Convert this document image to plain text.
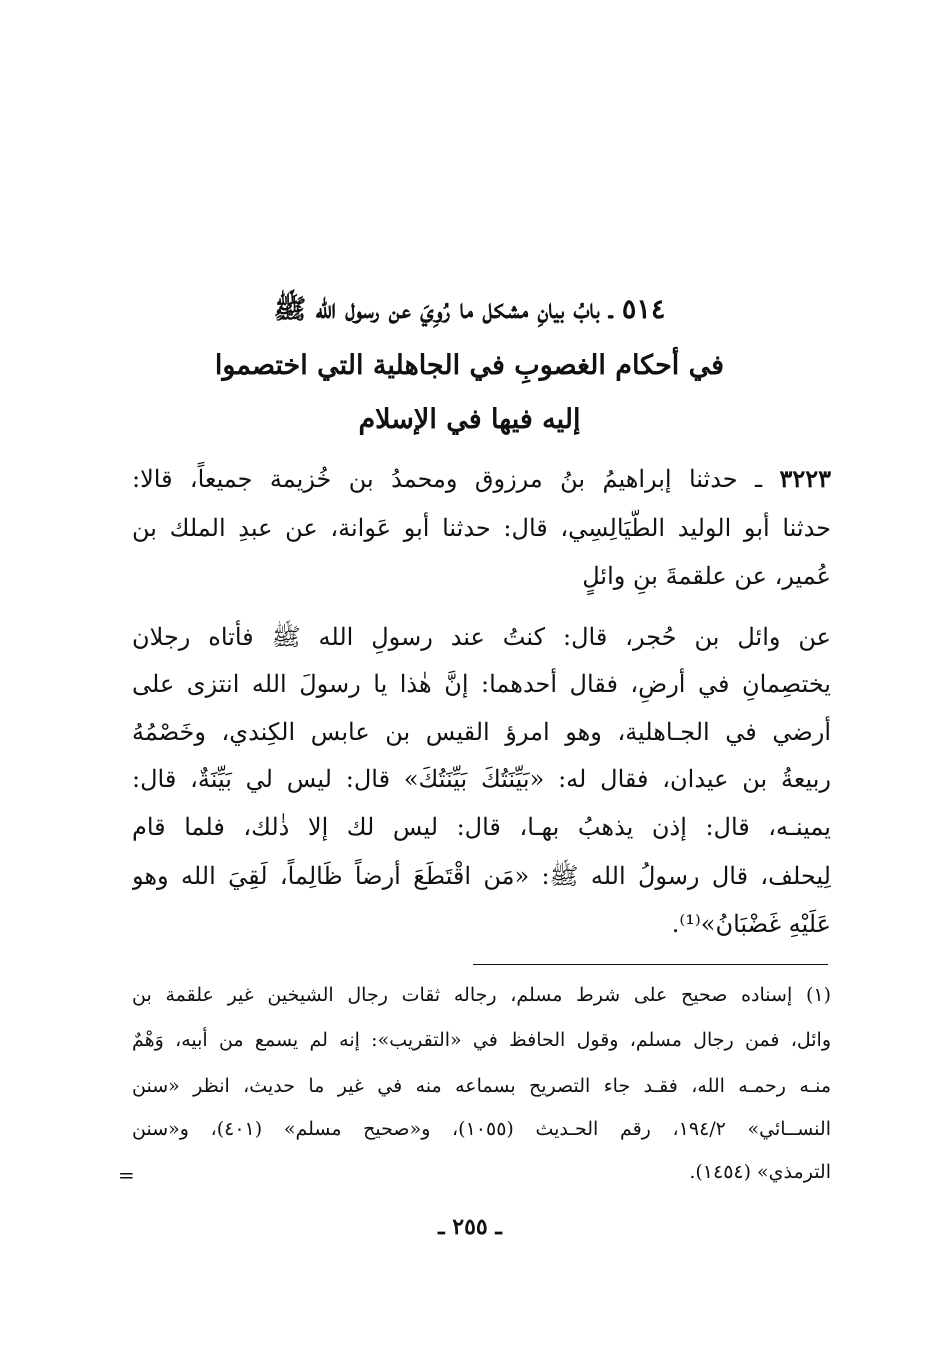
٥١٤ ـ بابُ بيانِ مشكل ما رُوِيَ عن رسول الله ﷺ
في أحكام الغصوبِ في الجاهلية التي اختصموا
إليه فيها في الإسلام
٣٢٢٣ ـ حدثنا إبراهيمُ بنُ مرزوق ومحمدُ بن خُزيمة جميعاً، قالا:
حدثنا أبو الوليد الطَّيَالِسِي، قال: حدثنا أبو عَوانة، عن عبدِ الملك بن
عُمير، عن علقمةَ بنِ وائلٍ
عن وائل بن حُجر، قال: كنتُ عند رسولِ الله ﷺ فأتاه رجلان
يختصِمانِ في أرضٍ، فقال أحدهما: إنَّ هٰذا يا رسولَ الله انتزى على
أرضي في الجـاهلية، وهو امرؤ القيس بن عابس الكِندي، وخَصْمُهُ
ربيعةُ بن عيدان، فقال له: «بَيِّنَتُكَ بَيِّنَتُكَ» قال: ليس لي بَيِّنَةٌ، قال:
يمينـه، قال: إذن يذهبُ بهـا، قال: ليس لك إلا ذٰلك، فلما قام
لِيحلف، قال رسولُ الله ﷺ: «مَن اقْتَطَعَ أرضاً ظَالِماً، لَقِيَ الله وهو
عَلَيْهِ غَضْبَانُ»⁽¹⁾.
(١) إسناده صحيح على شرط مسلم، رجاله ثقات رجال الشيخين غير علقمة بن
وائل، فمن رجال مسلم، وقول الحافظ في «التقريب»: إنه لم يسمع من أبيه، وَهْمٌ
منـه رحمـه الله، فقـد جاء التصريح بسماعه منه في غير ما حديث، انظر «سنن
النســائي» ١٩٤/٢، رقم الحـديث (١٠٥٥)، و«صحيح مسلم» (٤٠١)، و«سنن
الترمذي» (١٤٥٤).
=
ـ ٢٥٥ ـ
